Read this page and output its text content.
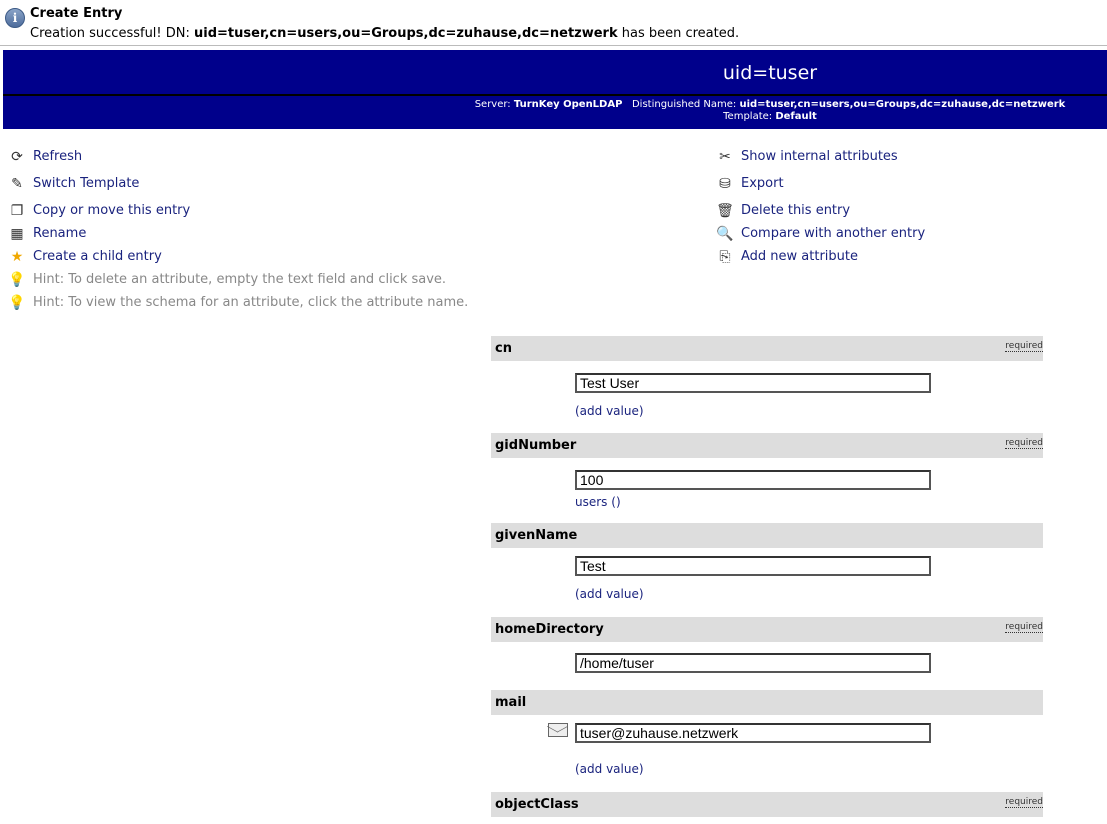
i Create Entry
Creation successful! DN: uid=tuser,cn=users,ou=Groups,dc=zuhause,dc=netzwerk has been created.
uid=tuser
Server: TurnKey OpenLDAP Distinguished Name: uid=tuser,cn=users,ou=Groups,dc=zuhause,dc=netzwerk
Template: Default
⟳ Refresh
✎ Switch Template
❐ Copy or move this entry
▦ Rename
★ Create a child entry
💡 Hint: To delete an attribute, empty the text field and click save.
💡 Hint: To view the schema for an attribute, click the attribute name.
✂ Show internal attributes
⛁ Export
🗑 Delete this entry
🔍 Compare with another entry
⎘ Add new attribute
cn	required
Test User
(add value)
gidNumber	required
100
users ()
givenName
Test
(add value)
homeDirectory	required
/home/tuser
mail
tuser@zuhause.netzwerk
(add value)
objectClass	required
